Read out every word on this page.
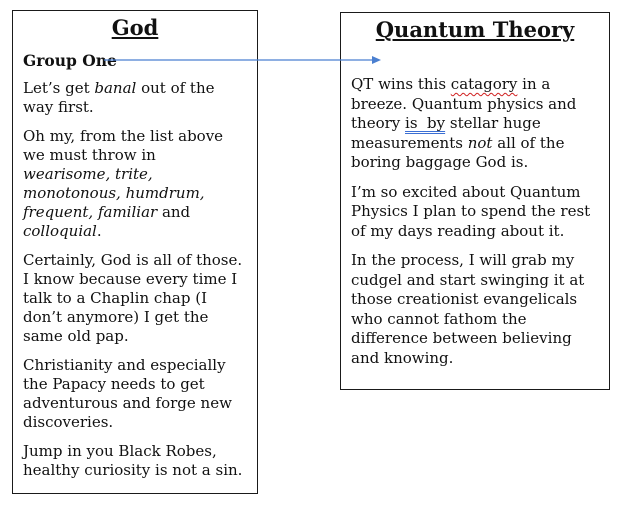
God
Group One

Let’s get banal out of the way first.

Oh my, from the list above we must throw in wearisome, trite, monotonous, humdrum, frequent, familiar and colloquial.

Certainly, God is all of those. I know because every time I talk to a Chaplin chap (I don’t anymore) I get the same old pap.

Christianity and especially the Papacy needs to get adventurous and forge new discoveries.

Jump in you Black Robes, healthy curiosity is not a sin.

Quantum Theory

QT wins this catagory in a breeze. Quantum physics and theory is  by stellar huge measurements not all of the boring baggage God is.

I’m so excited about Quantum Physics I plan to spend the rest of my days reading about it.

In the process, I will grab my cudgel and start swinging it at those creationist evangelicals who cannot fathom the difference between believing and knowing.
